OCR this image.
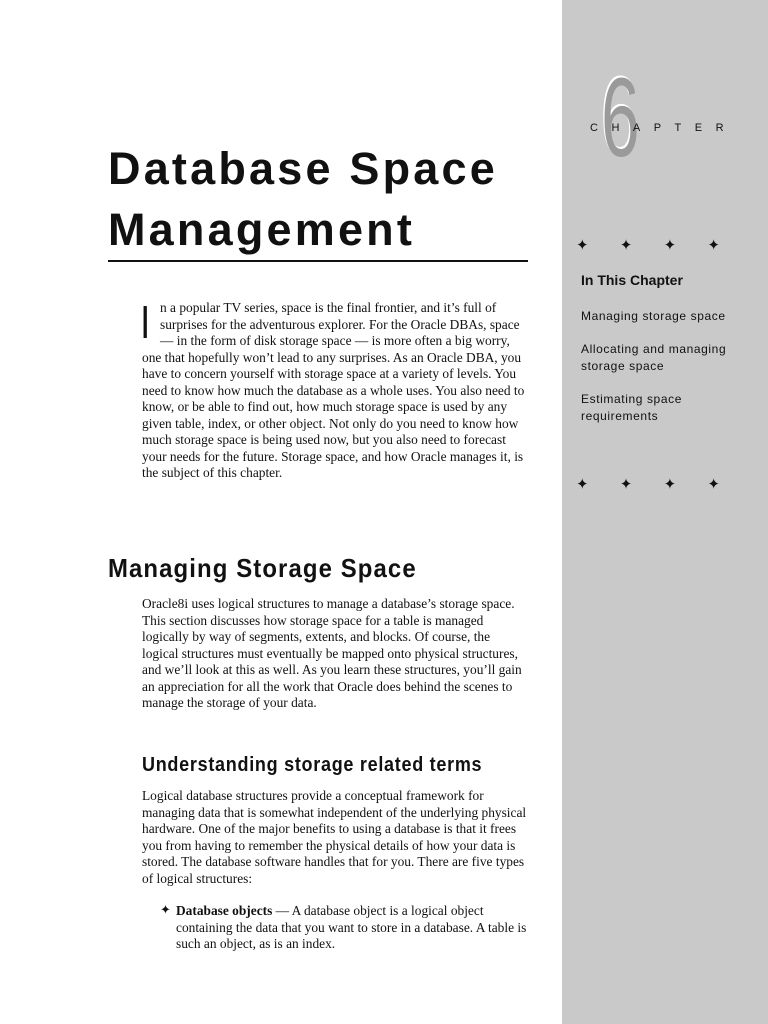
Database Space
Management
I n a popular TV series, space is the final frontier, and it’s full of surprises for the adventurous explorer. For the Oracle DBAs, space — in the form of disk storage space — is more often a big worry, one that hopefully won’t lead to any surprises. As an Oracle DBA, you have to concern yourself with storage space at a variety of levels. You need to know how much the database as a whole uses. You also need to know, or be able to find out, how much storage space is used by any given table, index, or other object. Not only do you need to know how much storage space is being used now, but you also need to forecast your needs for the future. Storage space, and how Oracle manages it, is the subject of this chapter.

Managing Storage Space

Oracle8i uses logical structures to manage a database’s storage space. This section discusses how storage space for a table is managed logically by way of segments, extents, and blocks. Of course, the logical structures must eventually be mapped onto physical structures, and we’ll look at this as well. As you learn these structures, you’ll gain an appreciation for all the work that Oracle does behind the scenes to manage the storage of your data.

Understanding storage related terms

Logical database structures provide a conceptual framework for managing data that is somewhat independent of the underlying physical hardware. One of the major benefits to using a database is that it frees you from having to remember the physical details of how your data is stored. The database software handles that for you. There are five types of logical structures:

✦ Database objects — A database object is a logical object containing the data that you want to store in a database. A table is such an object, as is an index.
6
CHAPTER
✦ ✦ ✦ ✦
In This Chapter
Managing storage space
Allocating and managing storage space
Estimating space requirements
✦ ✦ ✦ ✦
